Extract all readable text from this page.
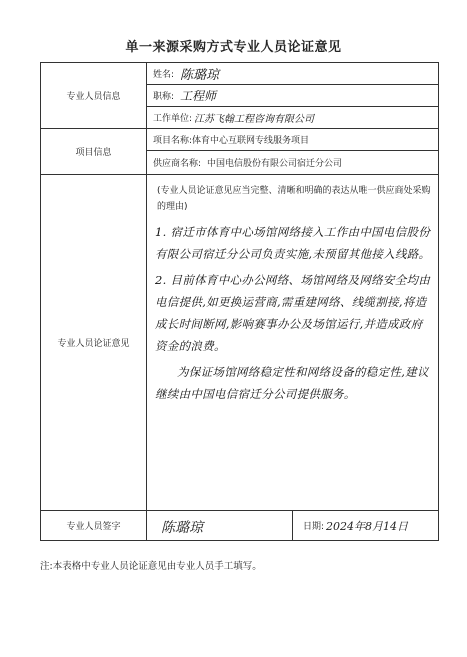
单一来源采购方式专业人员论证意见
专业人员信息	姓名: 陈璐琼	

	职称: 工程师	

	工作单位: 江苏飞翰工程咨询有限公司	

项目信息	项目名称: 体育中心互联网专线服务项目	

	供应商名称: 中国电信股份有限公司宿迁分公司	

专业人员论证意见	(专业人员论证意见应当完整、清晰和明确的表达从唯一供应商处采购的理由)

1. 宿迁市体育中心场馆网络接入工作由中国电信股份有限公司宿迁分公司负责实施,未预留其他接入线路。

2. 目前体育中心办公网络、场馆网络及网络安全均由电信提供,如更换运营商,需重建网络、线缆割接,将造成长时间断网,影响赛事办公及场馆运行,并造成政府资金的浪费。

为保证场馆网络稳定性和网络设备的稳定性,建议继续由中国电信宿迁分公司提供服务。	

专业人员签字	陈璐琼	日期: 2024年8月14日
注:本表格中专业人员论证意见由专业人员手工填写。
